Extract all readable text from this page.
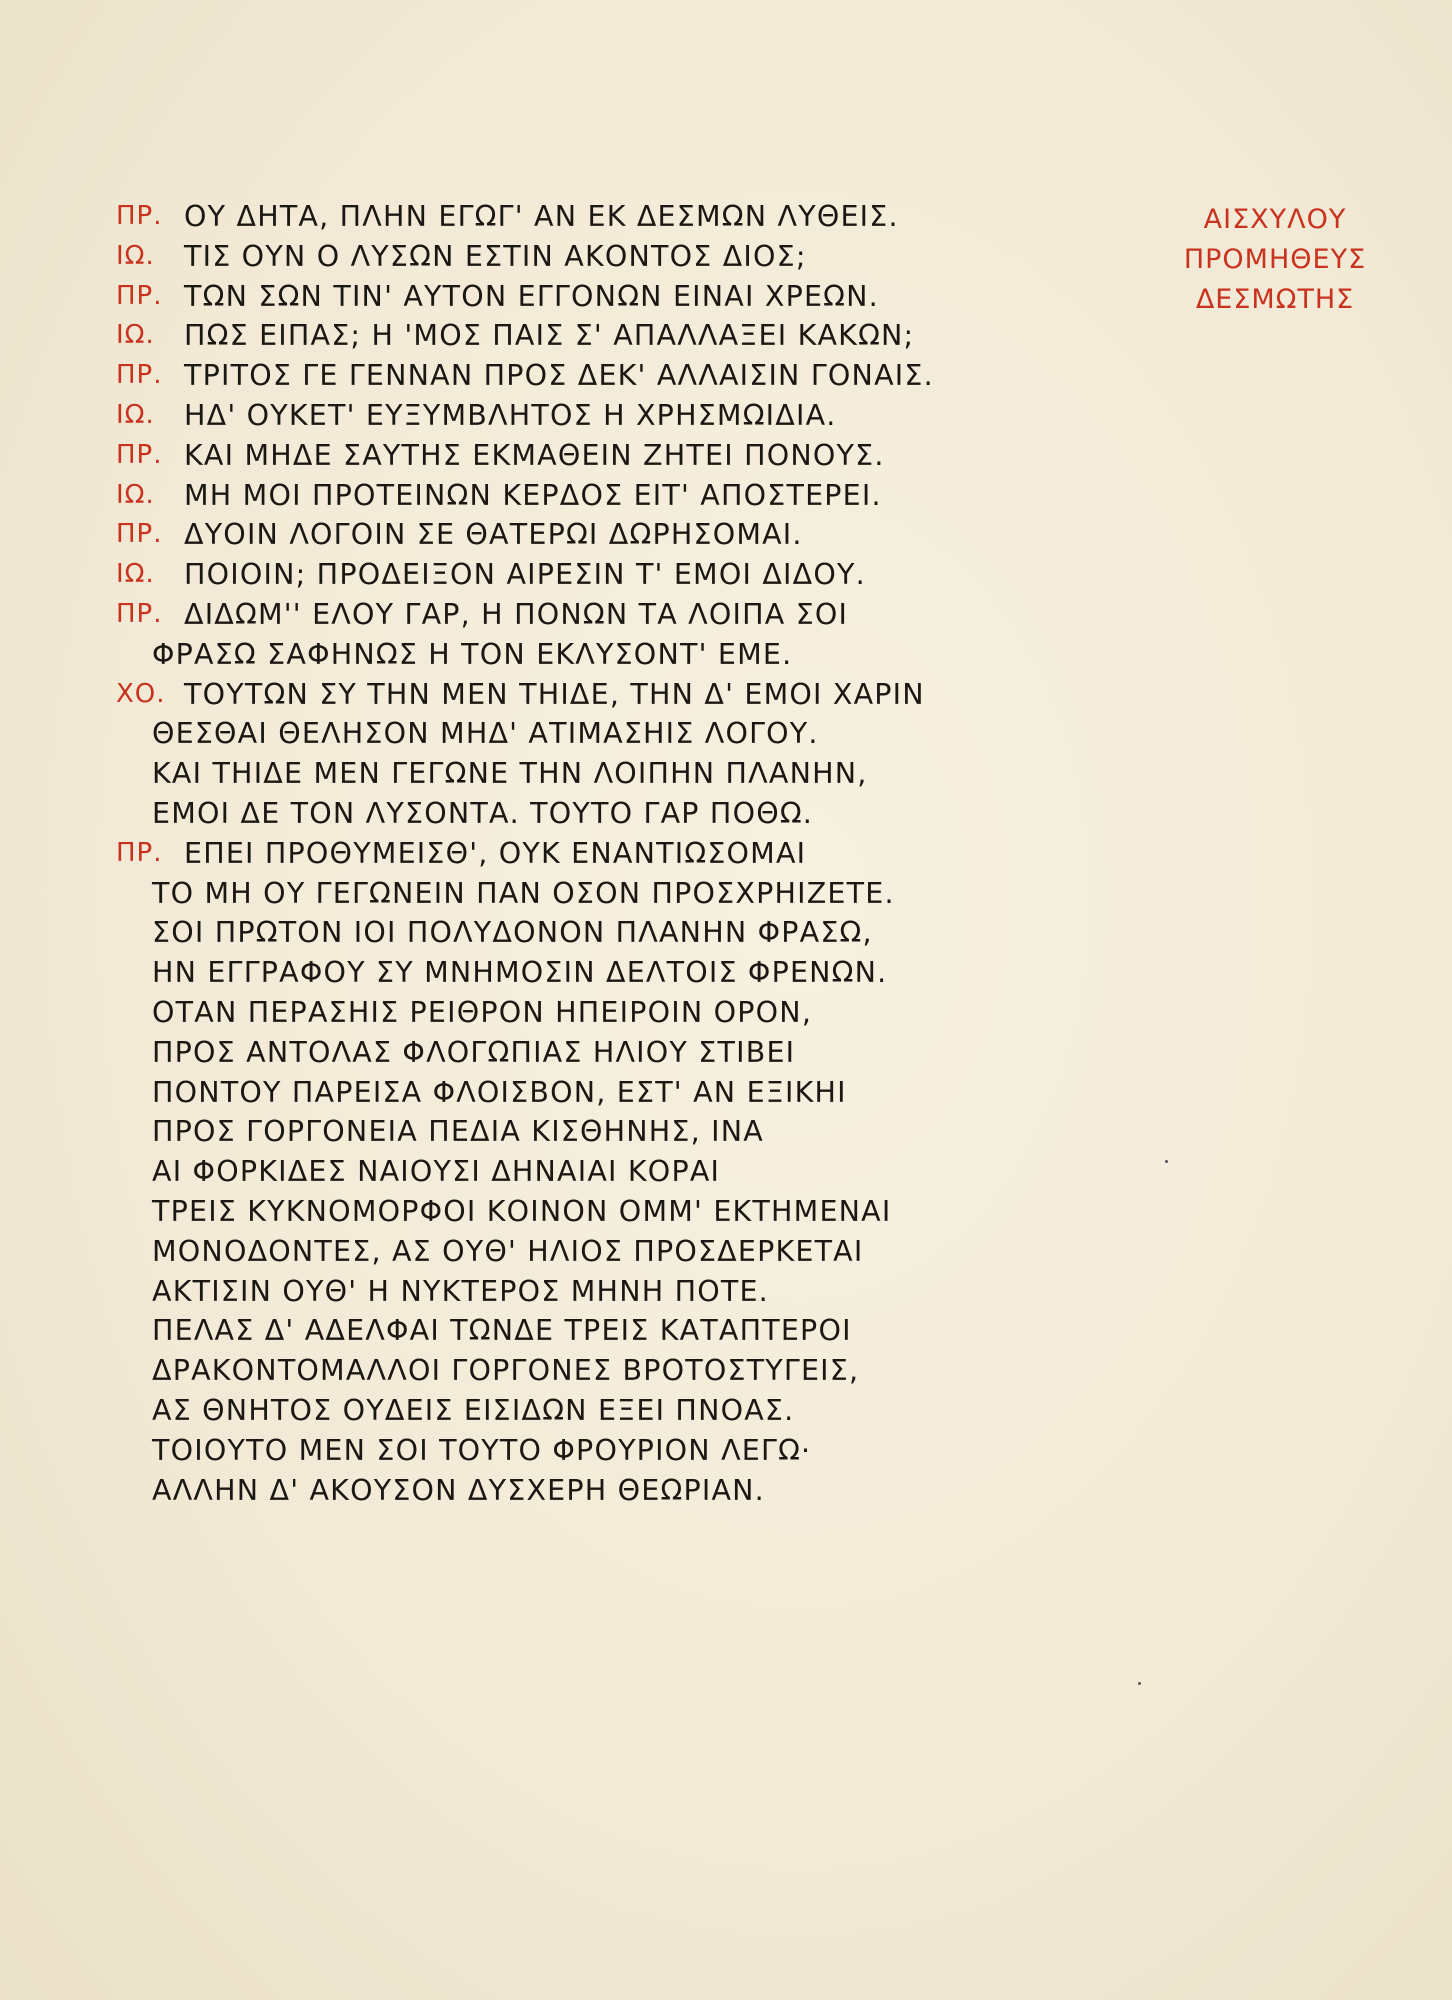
ΑΙΣΧΥΛΟΥ
ΠΡΟΜΗΘΕΥΣ
ΔΕΣΜΩΤΗΣ
ΠΡ. ΟΥ ΔΗΤΑ, ΠΛΗΝ ΕΓΩΓ' ΑΝ ΕΚ ΔΕΣΜΩΝ ΛΥΘΕΙΣ.
ΙΩ.	ΤΙΣ ΟΥΝ Ο ΛΥΣΩΝ ΕΣΤΙΝ ΑΚΟΝΤΟΣ ΔΙΟΣ;
ΠΡ. ΤΩΝ ΣΩΝ ΤΙΝ' ΑΥΤΟΝ ΕΓΓΟΝΩΝ ΕΙΝΑΙ ΧΡΕΩΝ.
ΙΩ.	ΠΩΣ ΕΙΠΑΣ; Η 'ΜΟΣ ΠΑΙΣ Σ' ΑΠΑΛΛΑΞΕΙ ΚΑΚΩΝ;
ΠΡ. ΤΡΙΤΟΣ ΓΕ ΓΕΝΝΑΝ ΠΡΟΣ ΔΕΚ' ΑΛΛΑΙΣΙΝ ΓΟΝΑΙΣ.
ΙΩ.	ΗΔ' ΟΥΚΕΤ' ΕΥΞΥΜΒΛΗΤΟΣ Η ΧΡΗΣΜΩΙΔΙΑ.
ΠΡ. ΚΑΙ ΜΗΔΕ ΣΑΥΤΗΣ ΕΚΜΑΘΕΙΝ ΖΗΤΕΙ ΠΟΝΟΥΣ.
ΙΩ.	ΜΗ ΜΟΙ ΠΡΟΤΕΙΝΩΝ ΚΕΡΔΟΣ ΕΙΤ' ΑΠΟΣΤΕΡΕΙ.
ΠΡ. ΔΥΟΙΝ ΛΟΓΟΙΝ ΣΕ ΘΑΤΕΡΩΙ ΔΩΡΗΣΟΜΑΙ.
ΙΩ.	ΠΟΙΟΙΝ; ΠΡΟΔΕΙΞΟΝ ΑΙΡΕΣΙΝ Τ' ΕΜΟΙ ΔΙΔΟΥ.
ΠΡ. ΔΙΔΩΜ'' ΕΛΟΥ ΓΑΡ, Η ΠΟΝΩΝ ΤΑ ΛΟΙΠΑ ΣΟΙ
ΦΡΑΣΩ ΣΑΦΗΝΩΣ Η ΤΟΝ ΕΚΛΥΣΟΝΤ' ΕΜΕ.
ΧΟ. ΤΟΥΤΩΝ ΣΥ ΤΗΝ ΜΕΝ ΤΗΙΔΕ, ΤΗΝ Δ' ΕΜΟΙ ΧΑΡΙΝ
ΘΕΣΘΑΙ ΘΕΛΗΣΟΝ ΜΗΔ' ΑΤΙΜΑΣΗΙΣ ΛΟΓΟΥ.
ΚΑΙ ΤΗΙΔΕ ΜΕΝ ΓΕΓΩΝΕ ΤΗΝ ΛΟΙΠΗΝ ΠΛΑΝΗΝ,
ΕΜΟΙ ΔΕ ΤΟΝ ΛΥΣΟΝΤΑ. ΤΟΥΤΟ ΓΑΡ ΠΟΘΩ.
ΠΡ. ΕΠΕΙ ΠΡΟΘΥΜΕΙΣΘ', ΟΥΚ ΕΝΑΝΤΙΩΣΟΜΑΙ
ΤΟ ΜΗ ΟΥ ΓΕΓΩΝΕΙΝ ΠΑΝ ΟΣΟΝ ΠΡΟΣΧΡΗΙΖΕΤΕ.
ΣΟΙ ΠΡΩΤΟΝ ΙΟΙ ΠΟΛΥΔΟΝΟΝ ΠΛΑΝΗΝ ΦΡΑΣΩ,
ΗΝ ΕΓΓΡΑΦΟΥ ΣΥ ΜΝΗΜΟΣΙΝ ΔΕΛΤΟΙΣ ΦΡΕΝΩΝ.
ΟΤΑΝ ΠΕΡΑΣΗΙΣ ΡΕΙΘΡΟΝ ΗΠΕΙΡΟΙΝ ΟΡΟΝ,
ΠΡΟΣ ΑΝΤΟΛΑΣ ΦΛΟΓΩΠΙΑΣ ΗΛΙΟΥ ΣΤΙΒΕΙ
ΠΟΝΤΟΥ ΠΑΡΕΙΣΑ ΦΛΟΙΣΒΟΝ, ΕΣΤ' ΑΝ ΕΞΙΚΗΙ
ΠΡΟΣ ΓΟΡΓΟΝΕΙΑ ΠΕΔΙΑ ΚΙΣΘΗΝΗΣ, ΙΝΑ
ΑΙ ΦΟΡΚΙΔΕΣ ΝΑΙΟΥΣΙ ΔΗΝΑΙΑΙ ΚΟΡΑΙ
ΤΡΕΙΣ ΚΥΚΝΟΜΟΡΦΟΙ ΚΟΙΝΟΝ ΟΜΜ' ΕΚΤΗΜΕΝΑΙ
ΜΟΝΟΔΟΝΤΕΣ, ΑΣ ΟΥΘ' ΗΛΙΟΣ ΠΡΟΣΔΕΡΚΕΤΑΙ
ΑΚΤΙΣΙΝ ΟΥΘ' Η ΝΥΚΤΕΡΟΣ ΜΗΝΗ ΠΟΤΕ.
ΠΕΛΑΣ Δ' ΑΔΕΛΦΑΙ ΤΩΝΔΕ ΤΡΕΙΣ ΚΑΤΑΠΤΕΡΟΙ
ΔΡΑΚΟΝΤΟΜΑΛΛΟΙ ΓΟΡΓΟΝΕΣ ΒΡΟΤΟΣΤΥΓΕΙΣ,
ΑΣ ΘΝΗΤΟΣ ΟΥΔΕΙΣ ΕΙΣΙΔΩΝ ΕΞΕΙ ΠΝΟΑΣ.
ΤΟΙΟΥΤΟ ΜΕΝ ΣΟΙ ΤΟΥΤΟ ΦΡΟΥΡΙΟΝ ΛΕΓΩ·
ΑΛΛΗΝ Δ' ΑΚΟΥΣΟΝ ΔΥΣΧΕΡΗ ΘΕΩΡΙΑΝ.
